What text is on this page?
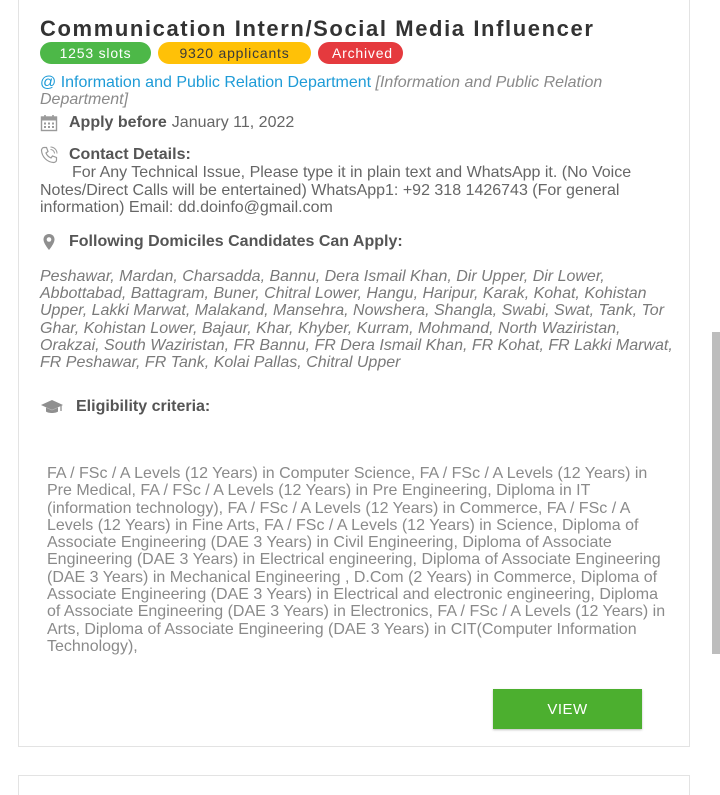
Communication Intern/Social Media Influencer
1253 slots	9320 applicants	Archived
@ Information and Public Relation Department [Information and Public Relation Department]
Apply before January 11, 2022
Contact Details:
For Any Technical Issue, Please type it in plain text and WhatsApp it. (No Voice Notes/Direct Calls will be entertained) WhatsApp1: +92 318 1426743 (For general information) Email: dd.doinfo@gmail.com
Following Domiciles Candidates Can Apply:
Peshawar, Mardan, Charsadda, Bannu, Dera Ismail Khan, Dir Upper, Dir Lower, Abbottabad, Battagram, Buner, Chitral Lower, Hangu, Haripur, Karak, Kohat, Kohistan Upper, Lakki Marwat, Malakand, Mansehra, Nowshera, Shangla, Swabi, Swat, Tank, Tor Ghar, Kohistan Lower, Bajaur, Khar, Khyber, Kurram, Mohmand, North Waziristan, Orakzai, South Waziristan, FR Bannu, FR Dera Ismail Khan, FR Kohat, FR Lakki Marwat, FR Peshawar, FR Tank, Kolai Pallas, Chitral Upper
Eligibility criteria:
FA / FSc / A Levels (12 Years) in Computer Science, FA / FSc / A Levels (12 Years) in Pre Medical, FA / FSc / A Levels (12 Years) in Pre Engineering, Diploma in IT (information technology), FA / FSc / A Levels (12 Years) in Commerce, FA / FSc / A Levels (12 Years) in Fine Arts, FA / FSc / A Levels (12 Years) in Science, Diploma of Associate Engineering (DAE 3 Years) in Civil Engineering, Diploma of Associate Engineering (DAE 3 Years) in Electrical engineering, Diploma of Associate Engineering (DAE 3 Years) in Mechanical Engineering , D.Com (2 Years) in Commerce, Diploma of Associate Engineering (DAE 3 Years) in Electrical and electronic engineering, Diploma of Associate Engineering (DAE 3 Years) in Electronics, FA / FSc / A Levels (12 Years) in Arts, Diploma of Associate Engineering (DAE 3 Years) in CIT(Computer Information Technology),
VIEW
